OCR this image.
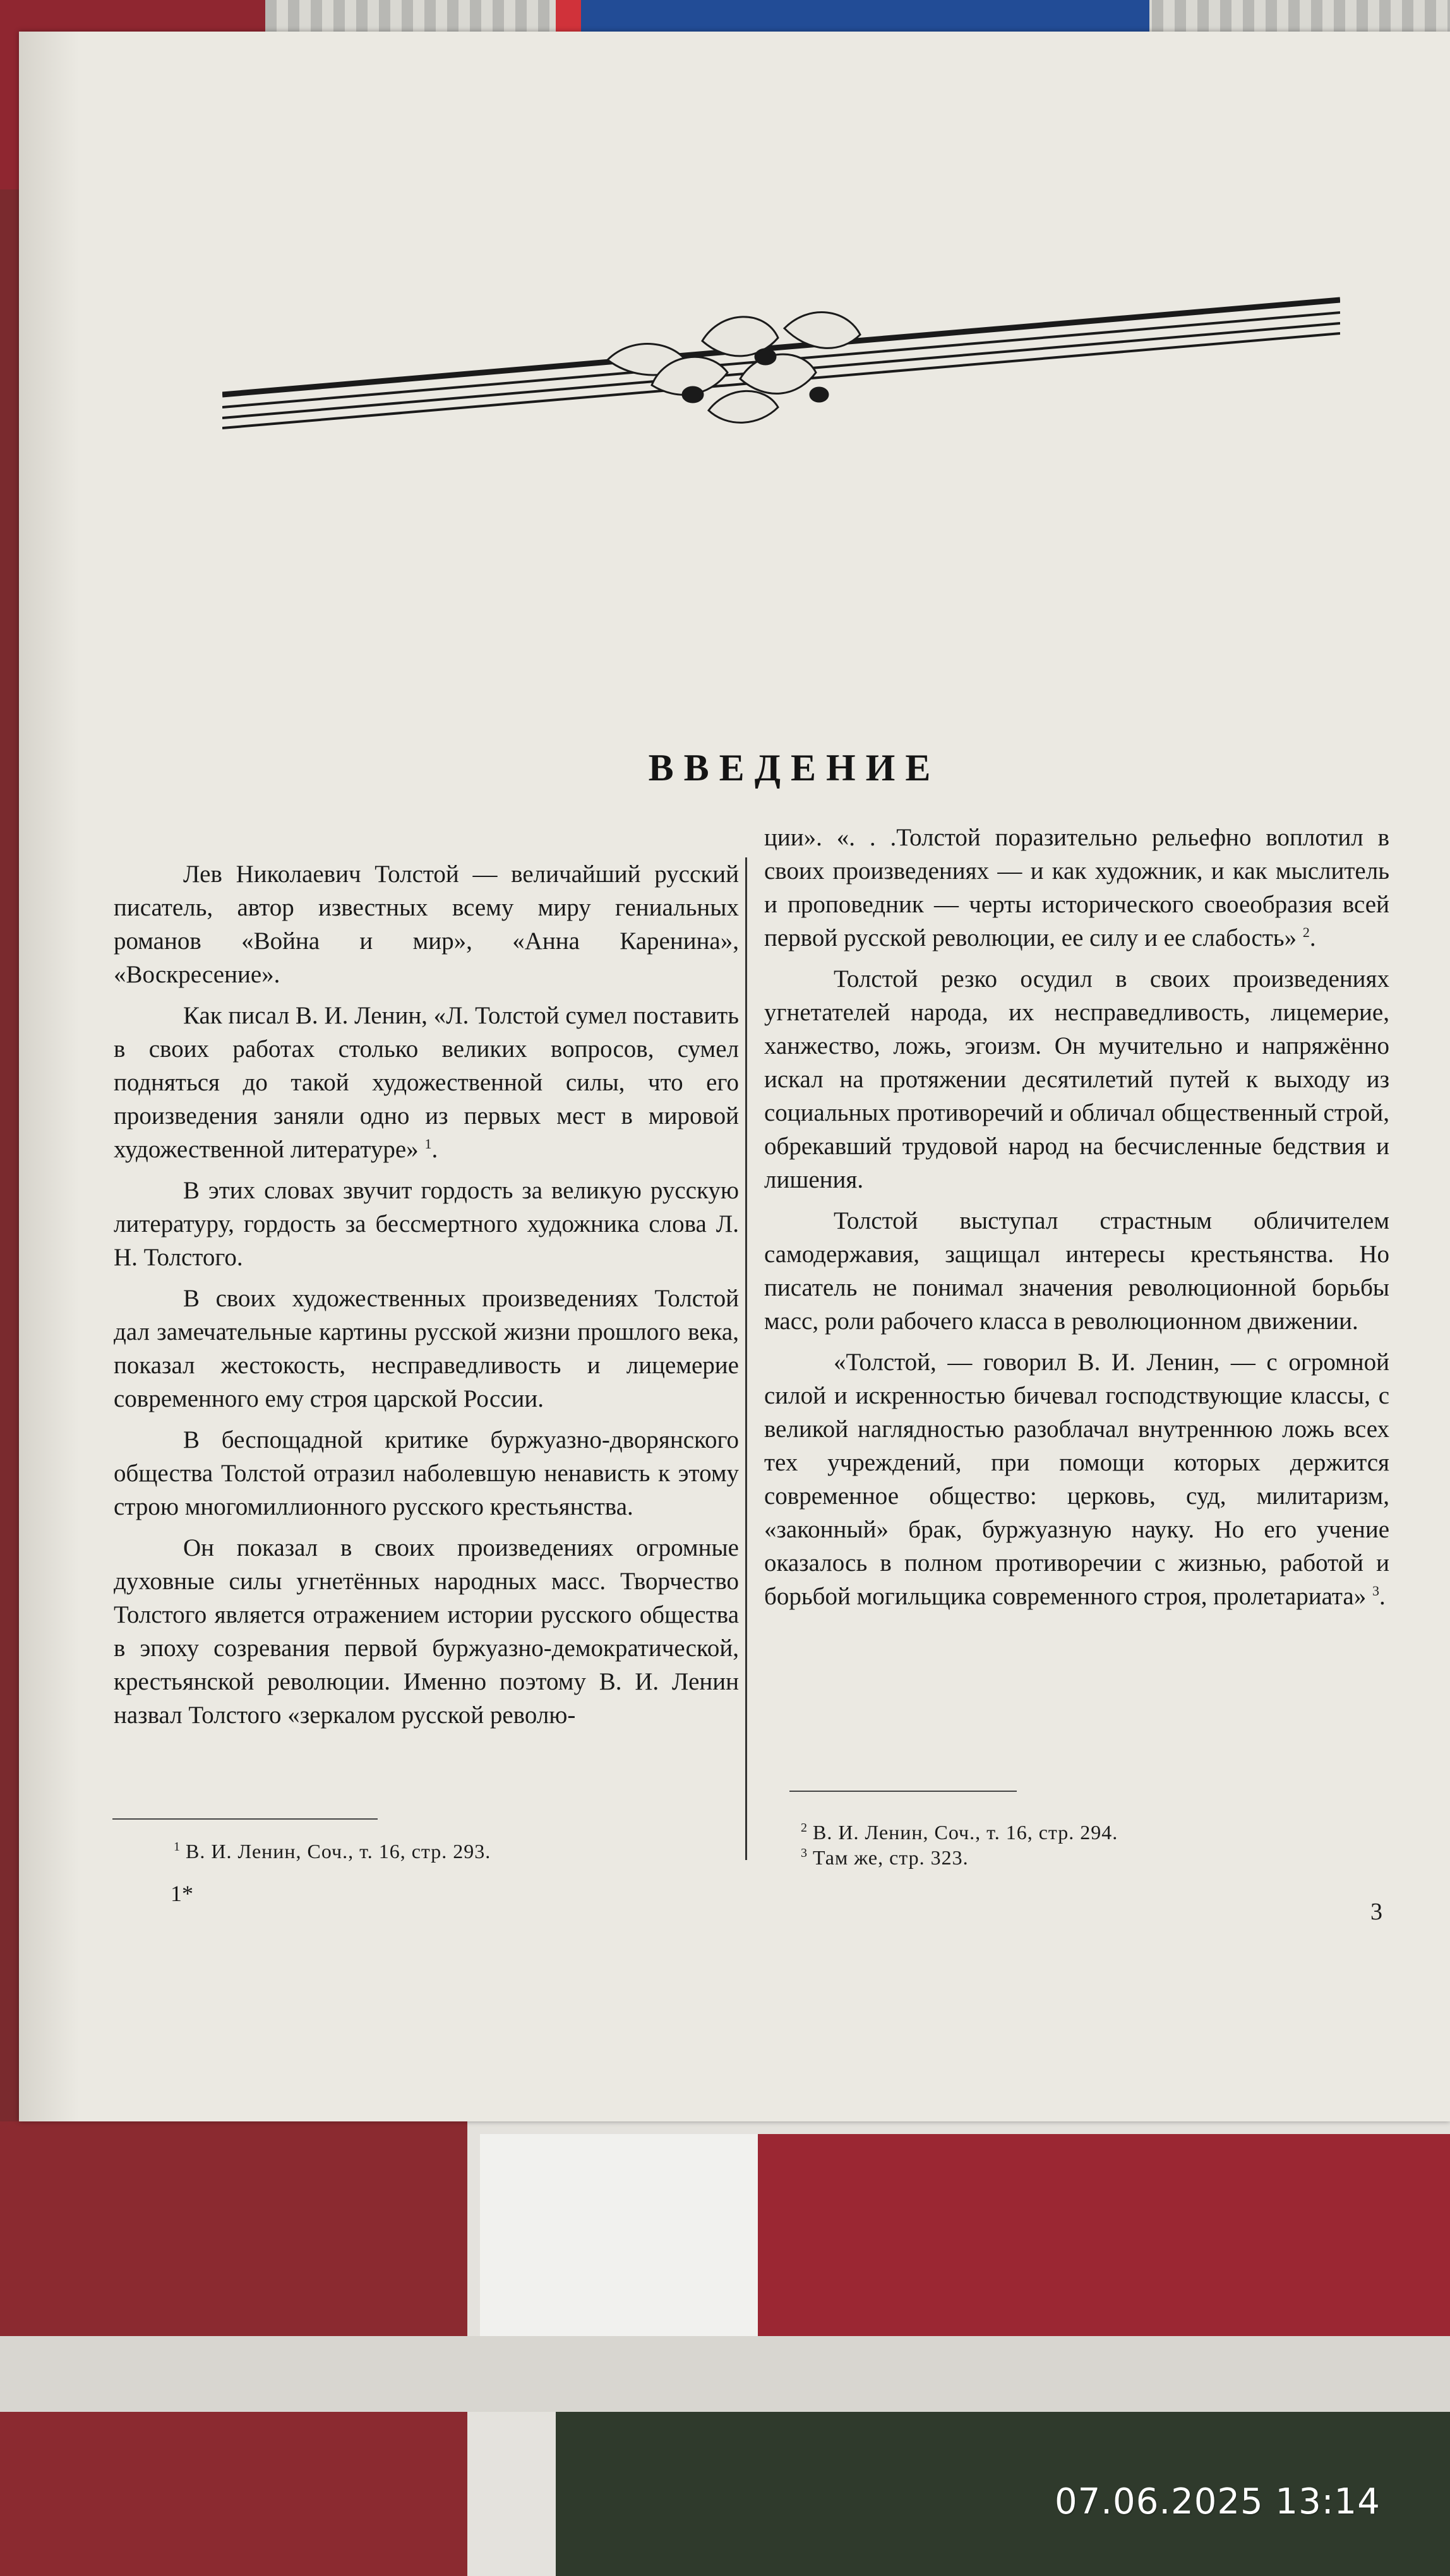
ВВЕДЕНИЕ

Лев Николаевич Толстой — величайший русский писатель, автор известных всему миру гениальных романов «Война и мир», «Анна Каренина», «Воскресение».

Как писал В. И. Ленин, «Л. Толстой сумел поставить в своих работах столько великих вопросов, сумел подняться до такой художественной силы, что его произведения заняли одно из первых мест в мировой художественной литературе» $^1$.

В этих словах звучит гордость за великую русскую литературу, гордость за бессмертного художника слова Л. Н. Толстого.

В своих художественных произведениях Толстой дал замечательные картины русской жизни прошлого века, показал жестокость, несправедливость и лицемерие современного ему строя царской России.

В беспощадной критике буржуазно-дворянского общества Толстой отразил наболевшую ненависть к этому строю многомиллионного русского крестьянства.

Он показал в своих произведениях огромные духовные силы угнетённых народных масс. Творчество Толстого является отражением истории русского общества в эпоху созревания первой буржуазно-демократической, крестьянской революции. Именно поэтому В. И. Ленин назвал Толстого «зеркалом русской револю-

ции». «. . .Толстой поразительно рельефно воплотил в своих произведениях — и как художник, и как мыслитель и проповедник — черты исторического своеобразия всей первой русской революции, ее силу и ее слабость» $^2$.

Толстой резко осудил в своих произведениях угнетателей народа, их несправедливость, лицемерие, ханжество, ложь, эгоизм. Он мучительно и напряжённо искал на протяжении десятилетий путей к выходу из социальных противоречий и обличал общественный строй, обрекавший трудовой народ на бесчисленные бедствия и лишения.

Толстой выступал страстным обличителем самодержавия, защищал интересы крестьянства. Но писатель не понимал значения революционной борьбы масс, роли рабочего класса в революционном движении.

«Толстой, — говорил В. И. Ленин, — с огромной силой и искренностью бичевал господствующие классы, с великой наглядностью разоблачал внутреннюю ложь всех тех учреждений, при помощи которых держится современное общество: церковь, суд, милитаризм, «законный» брак, буржуазную науку. Но его учение оказалось в полном противоречии с жизнью, работой и борьбой могильщика современного строя, пролетариата» $^3$.

$^1$ В. И. Ленин, Соч., т. 16, стр. 293.
$^2$ В. И. Ленин, Соч., т. 16, стр. 294.
$^3$ Там же, стр. 323.
1*
3
07.06.2025 13:14
